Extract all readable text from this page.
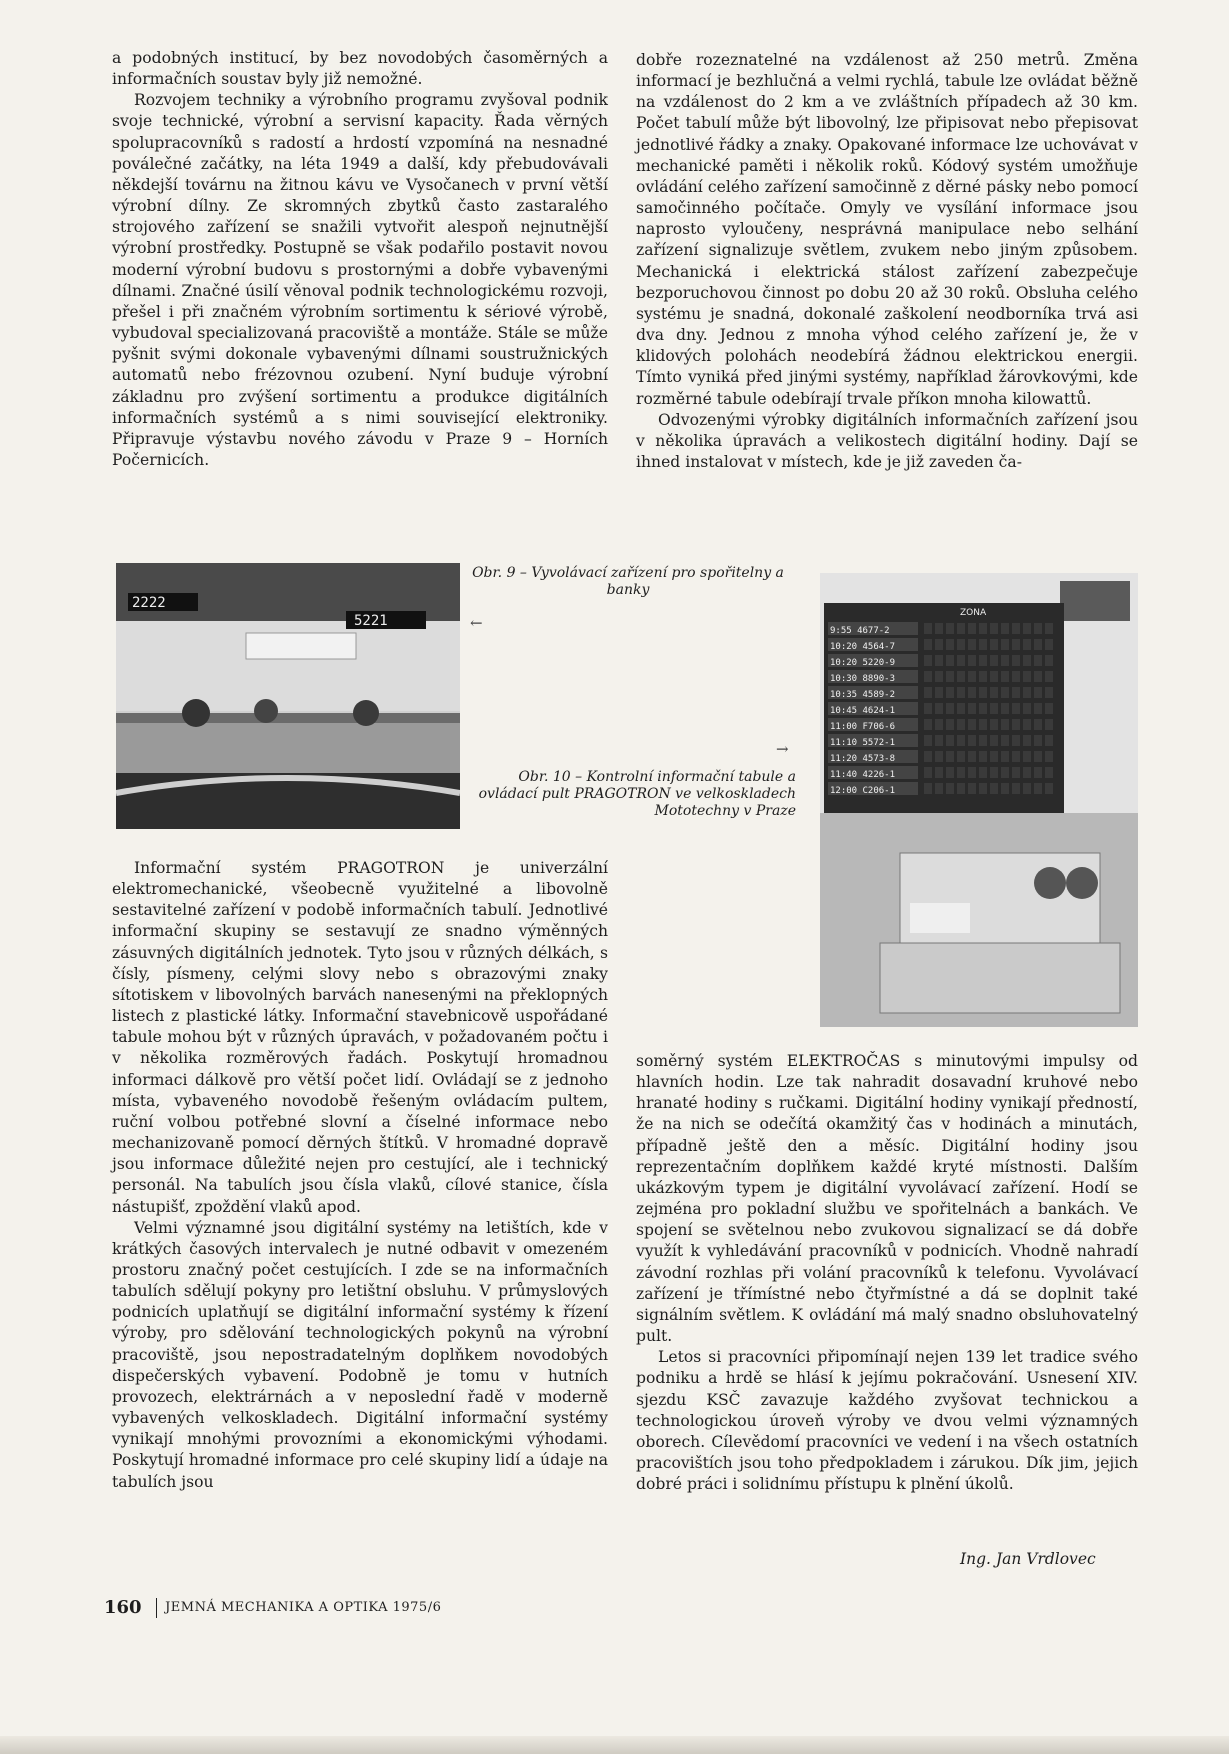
a podobných institucí, by bez novodobých časoměrných a informačních soustav byly již nemožné.

Rozvojem techniky a výrobního programu zvyšoval podnik svoje technické, výrobní a servisní kapacity. Řada věrných spolupracovníků s radostí a hrdostí vzpomíná na nesnadné poválečné začátky, na léta 1949 a další, kdy přebudovávali někdejší továrnu na žitnou kávu ve Vysočanech v první větší výrobní dílny. Ze skromných zbytků často zastaralého strojového zařízení se snažili vytvořit alespoň nejnutnější výrobní prostředky. Postupně se však podařilo postavit novou moderní výrobní budovu s prostornými a dobře vybavenými dílnami. Značné úsilí věnoval podnik technologickému rozvoji, přešel i při značném výrobním sortimentu k sériové výrobě, vybudoval specializovaná pracoviště a montáže. Stále se může pyšnit svými dokonale vybavenými dílnami soustružnických automatů nebo frézovnou ozubení. Nyní buduje výrobní základnu pro zvýšení sortimentu a produkce digitálních informačních systémů a s nimi související elektroniky. Připravuje výstavbu nového závodu v Praze 9 – Horních Počernicích.

dobře rozeznatelné na vzdálenost až 250 metrů. Změna informací je bezhlučná a velmi rychlá, tabule lze ovládat běžně na vzdálenost do 2 km a ve zvláštních případech až 30 km. Počet tabulí může být libovolný, lze připisovat nebo přepisovat jednotlivé řádky a znaky. Opakované informace lze uchovávat v mechanické paměti i několik roků. Kódový systém umožňuje ovládání celého zařízení samočinně z děrné pásky nebo pomocí samočinného počítače. Omyly ve vysílání informace jsou naprosto vyloučeny, nesprávná manipulace nebo selhání zařízení signalizuje světlem, zvukem nebo jiným způsobem. Mechanická i elektrická stálost zařízení zabezpečuje bezporuchovou činnost po dobu 20 až 30 roků. Obsluha celého systému je snadná, dokonalé zaškolení neodborníka trvá asi dva dny. Jednou z mnoha výhod celého zařízení je, že v klidových polohách neodebírá žádnou elektrickou energii. Tímto vyniká před jinými systémy, například žárovkovými, kde rozměrné tabule odebírají trvale příkon mnoha kilowattů.

Odvozenými výrobky digitálních informačních zařízení jsou v několika úpravách a velikostech digitální hodiny. Dají se ihned instalovat v místech, kde je již zaveden ča-

2222
5221
Obr. 9 – Vyvolávací zařízení pro spořitelny a banky
←
ZONA
9:55 4677-2
10:20 4564-7
10:20 5220-9
10:30 8890-3
10:35 4589-2
10:45 4624-1
11:00 F706-6
11:10 5572-1
11:20 4573-8
11:40 4226-1
12:00 C206-1
Obr. 10 – Kontrolní informační tabule a ovládací pult PRAGOTRON ve velkoskladech Mototechny v Praze
→

Informační systém PRAGOTRON je univerzální elektromechanické, všeobecně využitelné a libovolně sestavitelné zařízení v podobě informačních tabulí. Jednotlivé informační skupiny se sestavují ze snadno výměnných zásuvných digitálních jednotek. Tyto jsou v různých délkách, s čísly, písmeny, celými slovy nebo s obrazovými znaky sítotiskem v libovolných barvách nanesenými na překlopných listech z plastické látky. Informační stavebnicově uspořádané tabule mohou být v různých úpravách, v požadovaném počtu i v několika rozměrových řadách. Poskytují hromadnou informaci dálkově pro větší počet lidí. Ovládají se z jednoho místa, vybaveného novodobě řešeným ovládacím pultem, ruční volbou potřebné slovní a číselné informace nebo mechanizovaně pomocí děrných štítků. V hromadné dopravě jsou informace důležité nejen pro cestující, ale i technický personál. Na tabulích jsou čísla vlaků, cílové stanice, čísla nástupišť, zpoždění vlaků apod.

Velmi významné jsou digitální systémy na letištích, kde v krátkých časových intervalech je nutné odbavit v omezeném prostoru značný počet cestujících. I zde se na informačních tabulích sdělují pokyny pro letištní obsluhu. V průmyslových podnicích uplatňují se digitální informační systémy k řízení výroby, pro sdělování technologických pokynů na výrobní pracoviště, jsou nepostradatelným doplňkem novodobých dispečerských vybavení. Podobně je tomu v hutních provozech, elektrárnách a v neposlední řadě v moderně vybavených velkoskladech. Digitální informační systémy vynikají mnohými provozními a ekonomickými výhodami. Poskytují hromadné informace pro celé skupiny lidí a údaje na tabulích jsou

soměrný systém ELEKTROČAS s minutovými impulsy od hlavních hodin. Lze tak nahradit dosavadní kruhové nebo hranaté hodiny s ručkami. Digitální hodiny vynikají předností, že na nich se odečítá okamžitý čas v hodinách a minutách, případně ještě den a měsíc. Digitální hodiny jsou reprezentačním doplňkem každé kryté místnosti. Dalším ukázkovým typem je digitální vyvolávací zařízení. Hodí se zejména pro pokladní službu ve spořitelnách a bankách. Ve spojení se světelnou nebo zvukovou signalizací se dá dobře využít k vyhledávání pracovníků v podnicích. Vhodně nahradí závodní rozhlas při volání pracovníků k telefonu. Vyvolávací zařízení je třímístné nebo čtyřmístné a dá se doplnit také signálním světlem. K ovládání má malý snadno obsluhovatelný pult.

Letos si pracovníci připomínají nejen 139 let tradice svého podniku a hrdě se hlásí k jejímu pokračování. Usnesení XIV. sjezdu KSČ zavazuje každého zvyšovat technickou a technologickou úroveň výroby ve dvou velmi významných oborech. Cílevědomí pracovníci ve vedení i na všech ostatních pracovištích jsou toho předpokladem i zárukou. Dík jim, jejich dobré práci i solidnímu přístupu k plnění úkolů.

Ing. Jan Vrdlovec
160 JEMNÁ MECHANIKA A OPTIKA 1975/6
